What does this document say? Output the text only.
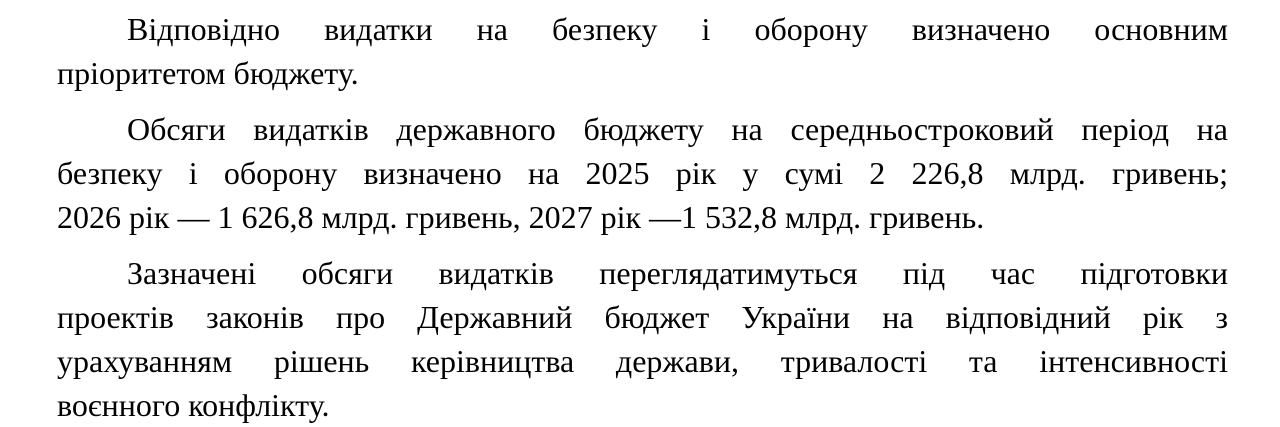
Відповідно видатки на безпеку і оборону визначено основним
пріоритетом бюджету.
Обсяги видатків державного бюджету на середньостроковий період на
безпеку і оборону визначено на 2025 рік у сумі 2 226,8 млрд. гривень;
2026 рік — 1 626,8 млрд. гривень, 2027 рік —1 532,8 млрд. гривень.
Зазначені обсяги видатків переглядатимуться під час підготовки
проектів законів про Державний бюджет України на відповідний рік з
урахуванням рішень керівництва держави, тривалості та інтенсивності
воєнного конфлікту.
